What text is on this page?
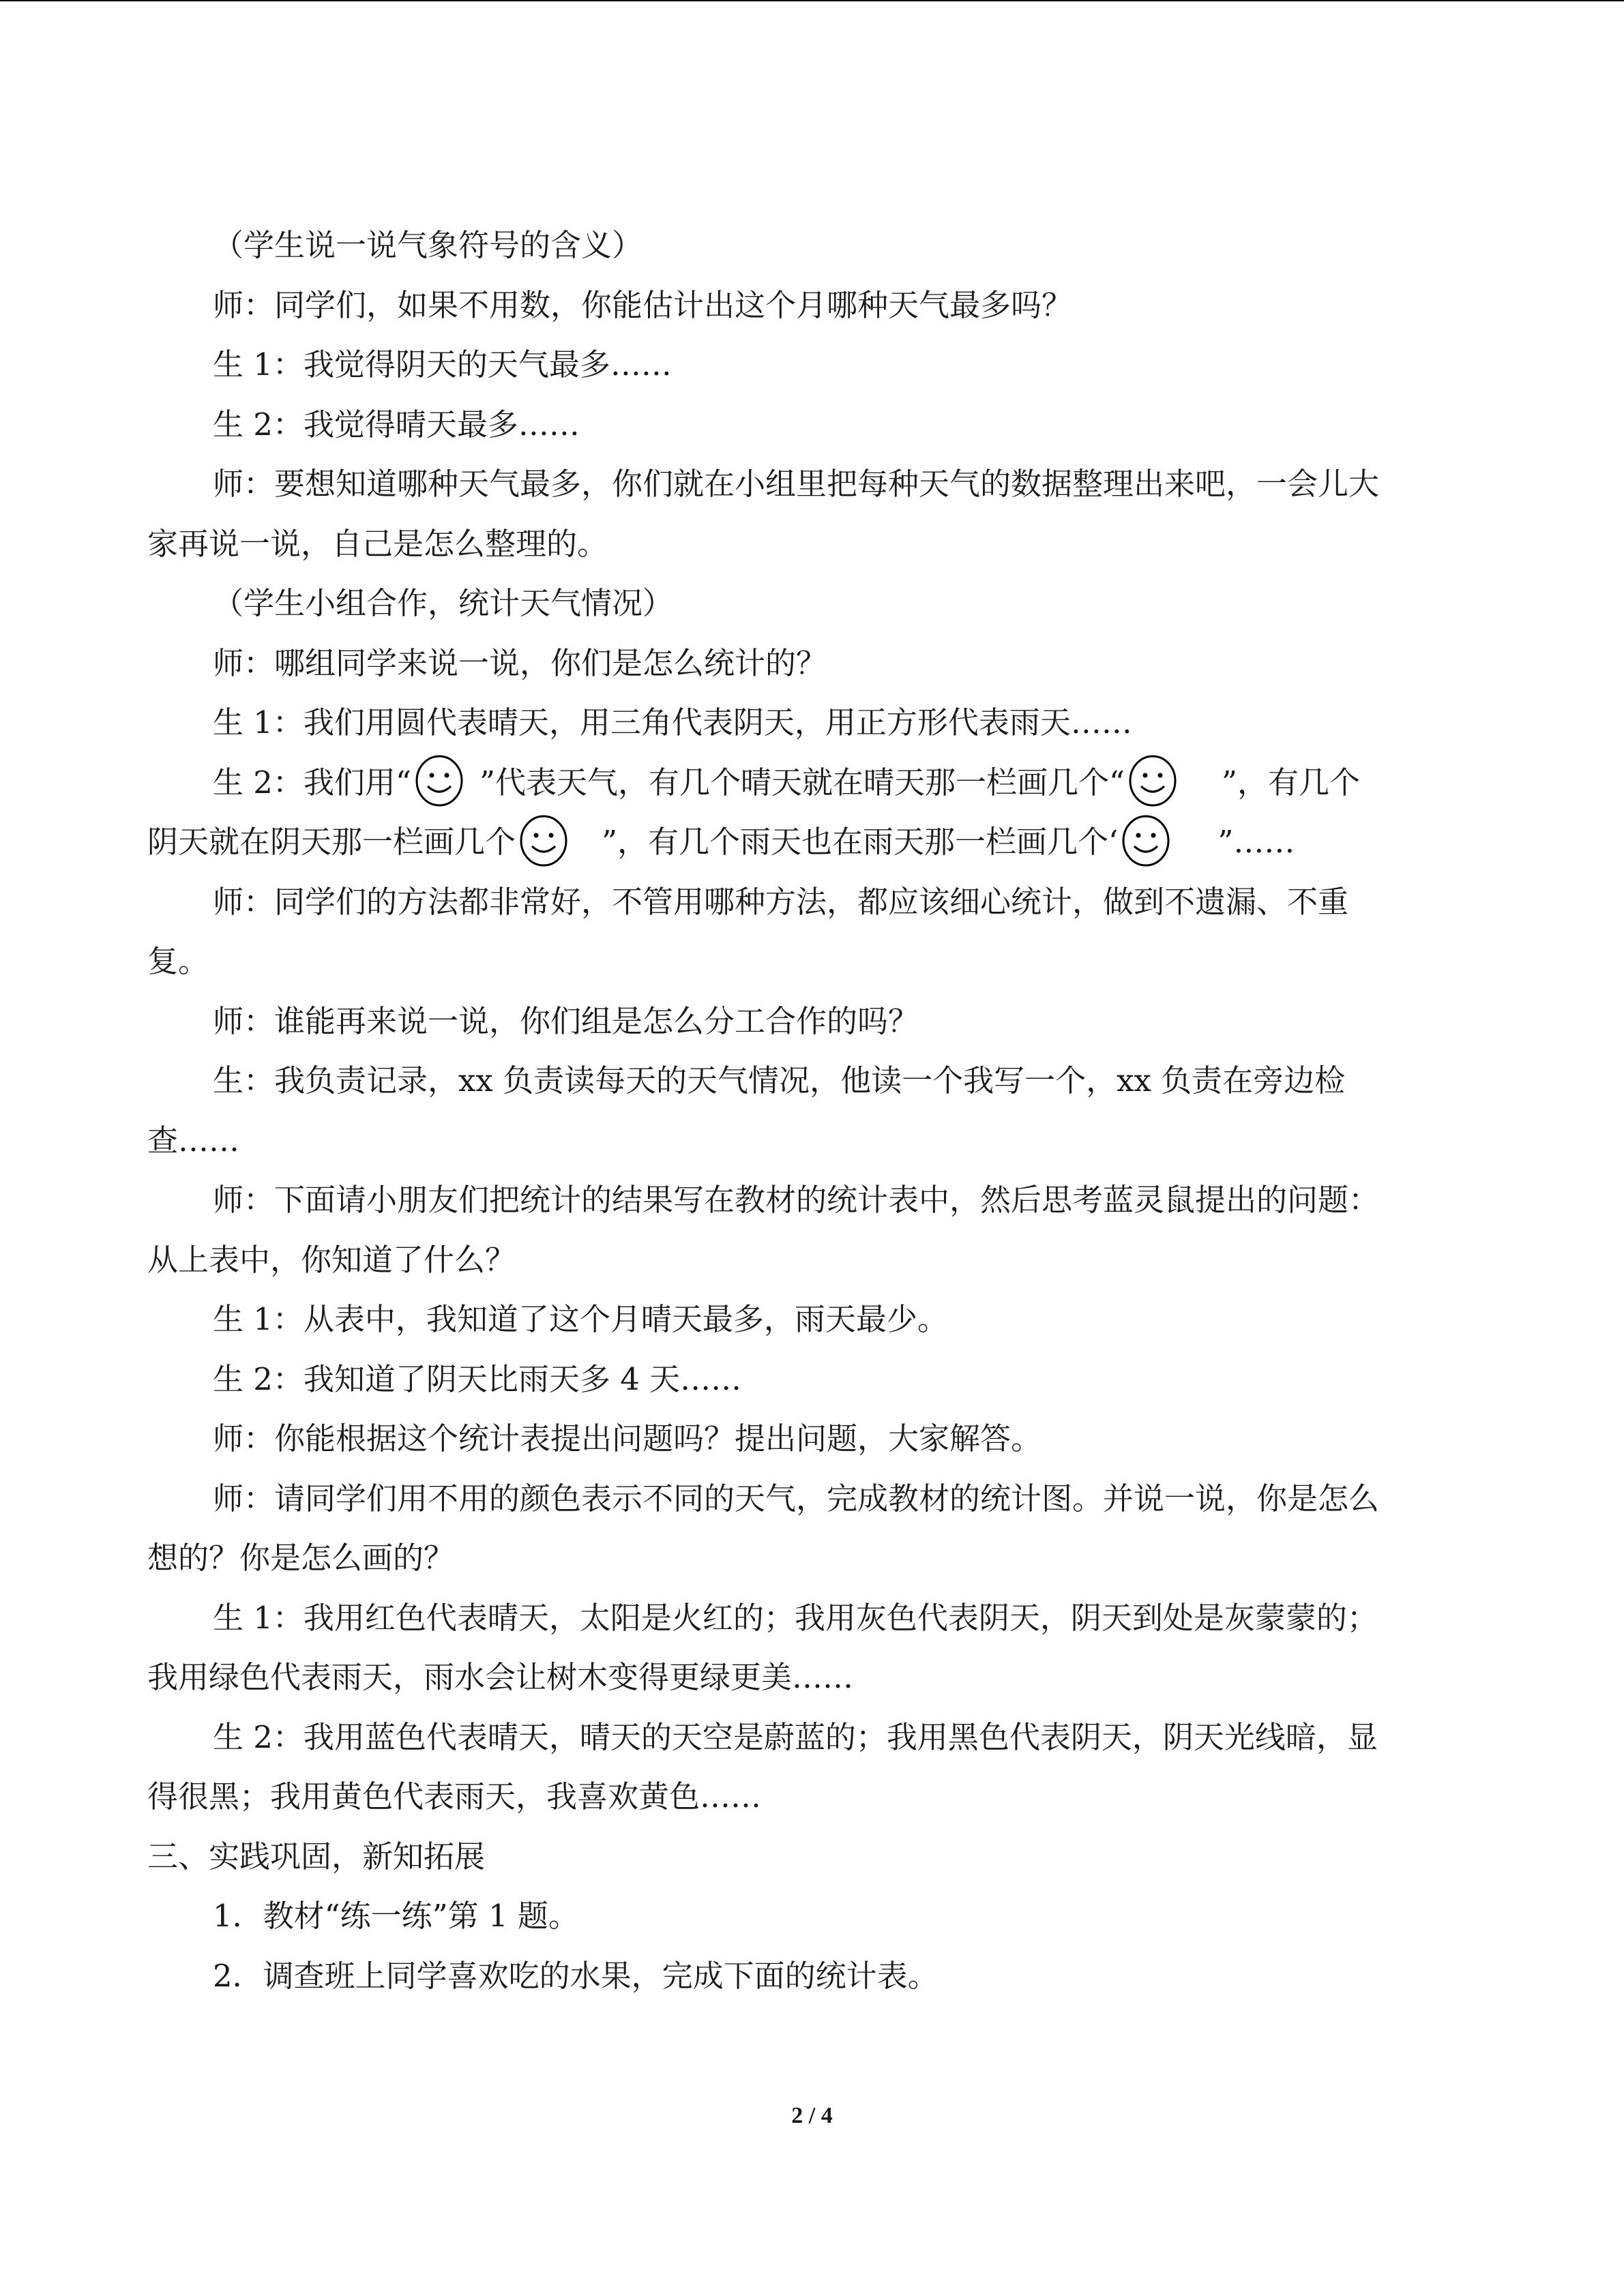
（学生说一说气象符号的含义）
师：同学们，如果不用数，你能估计出这个月哪种天气最多吗？
生 1：我觉得阴天的天气最多……
生 2：我觉得晴天最多……
师：要想知道哪种天气最多，你们就在小组里把每种天气的数据整理出来吧，一会儿大
家再说一说，自己是怎么整理的。
（学生小组合作，统计天气情况）
师：哪组同学来说一说，你们是怎么统计的？
生 1：我们用圆代表晴天，用三角代表阴天，用正方形代表雨天……
生 2：我们用“ ”代表天气，有几个晴天就在晴天那一栏画几个“	”，有几个
阴天就在阴天那一栏画几个	”，有几个雨天也在雨天那一栏画几个‘	”……
师：同学们的方法都非常好，不管用哪种方法，都应该细心统计，做到不遗漏、不重
复。
师：谁能再来说一说，你们组是怎么分工合作的吗？
生：我负责记录，xx 负责读每天的天气情况，他读一个我写一个，xx 负责在旁边检
查……
师：下面请小朋友们把统计的结果写在教材的统计表中，然后思考蓝灵鼠提出的问题：
从上表中，你知道了什么？
生 1：从表中，我知道了这个月晴天最多，雨天最少。
生 2：我知道了阴天比雨天多 4 天……
师：你能根据这个统计表提出问题吗？提出问题，大家解答。
师：请同学们用不用的颜色表示不同的天气，完成教材的统计图。并说一说，你是怎么
想的？你是怎么画的？
生 1：我用红色代表晴天，太阳是火红的；我用灰色代表阴天，阴天到处是灰蒙蒙的；
我用绿色代表雨天，雨水会让树木变得更绿更美……
生 2：我用蓝色代表晴天，晴天的天空是蔚蓝的；我用黑色代表阴天，阴天光线暗，显
得很黑；我用黄色代表雨天，我喜欢黄色……
三、实践巩固，新知拓展
1．教材“练一练”第 1 题。
2．调查班上同学喜欢吃的水果，完成下面的统计表。
2 / 4
